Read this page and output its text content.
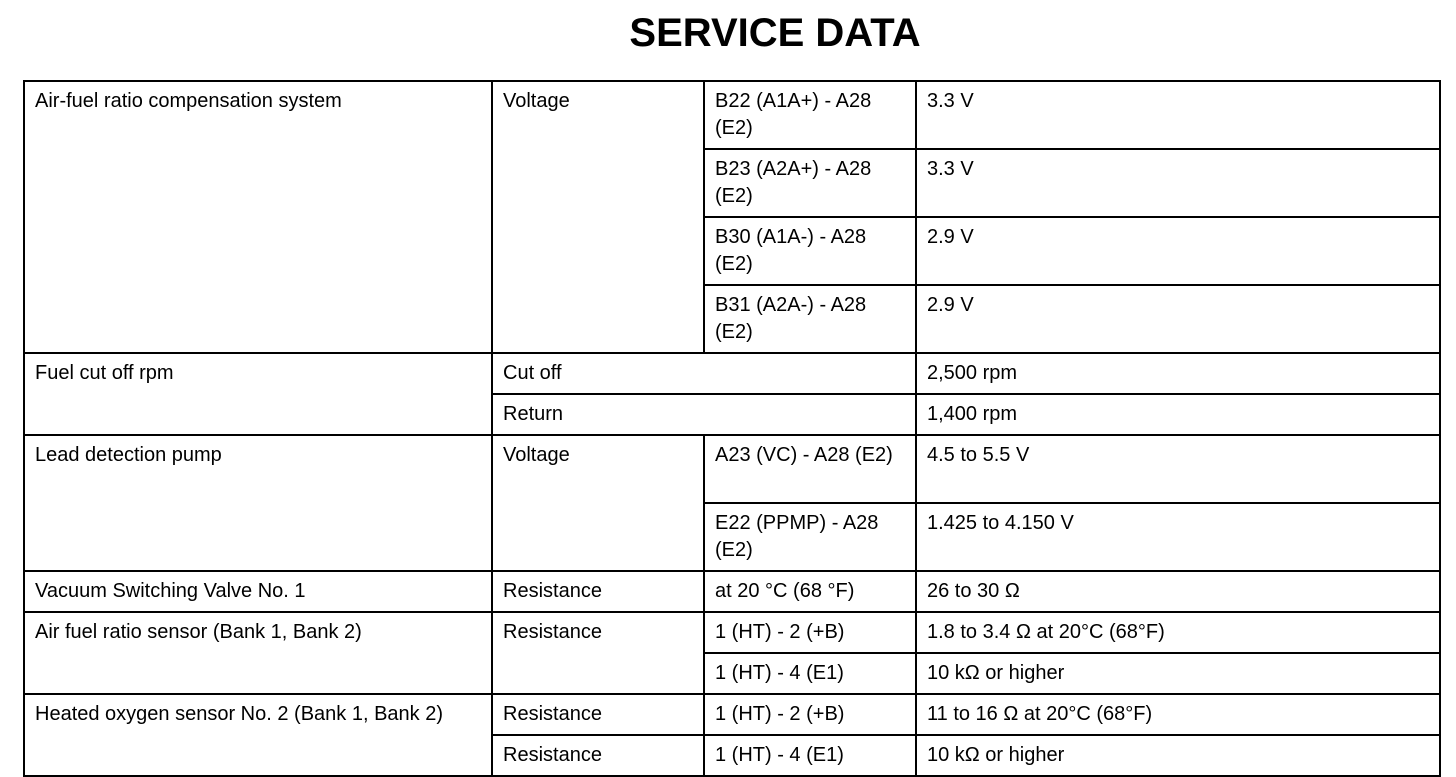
SERVICE DATA
Air-fuel ratio compensation system	Voltage	B22 (A1A+) - A28 (E2)	3.3 V
		B23 (A2A+) - A28 (E2)	3.3 V
		B30 (A1A-) - A28 (E2)	2.9 V
		B31 (A2A-) - A28 (E2)	2.9 V
Fuel cut off rpm	Cut off		2,500 rpm
	Return		1,400 rpm
Lead detection pump	Voltage	A23 (VC) - A28 (E2)	4.5 to 5.5 V
		E22 (PPMP) - A28 (E2)	1.425 to 4.150 V
Vacuum Switching Valve No. 1	Resistance	at 20 °C (68 °F)	26 to 30 Ω
Air fuel ratio sensor (Bank 1, Bank 2)	Resistance	1 (HT) - 2 (+B)	1.8 to 3.4 Ω at 20°C (68°F)
		1 (HT) - 4 (E1)	10 kΩ or higher
Heated oxygen sensor No. 2 (Bank 1, Bank 2)	Resistance	1 (HT) - 2 (+B)	11 to 16 Ω at 20°C (68°F)
	Resistance	1 (HT) - 4 (E1)	10 kΩ or higher
